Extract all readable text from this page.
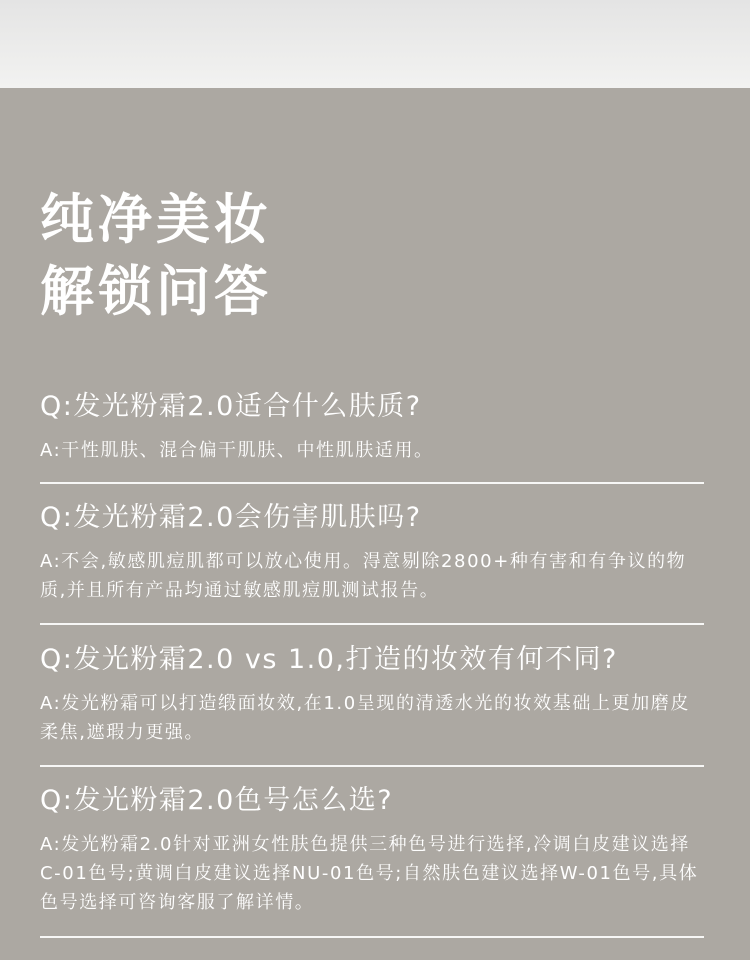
纯净美妆
解锁问答

Q:发光粉霜2.0适合什么肤质?

A:干性肌肤、混合偏干肌肤、中性肌肤适用。

Q:发光粉霜2.0会伤害肌肤吗?

A:不会,敏感肌痘肌都可以放心使用。淂意剔除2800+种有害和有争议的物质,并且所有产品均通过敏感肌痘肌测试报告。

Q:发光粉霜2.0 vs 1.0,打造的妆效有何不同?

A:发光粉霜可以打造缎面妆效,在1.0呈现的清透水光的妆效基础上更加磨皮柔焦,遮瑕力更强。

Q:发光粉霜2.0色号怎么选?

A:发光粉霜2.0针对亚洲女性肤色提供三种色号进行选择,冷调白皮建议选择C-01色号;黄调白皮建议选择NU-01色号;自然肤色建议选择W-01色号,具体色号选择可咨询客服了解详情。
